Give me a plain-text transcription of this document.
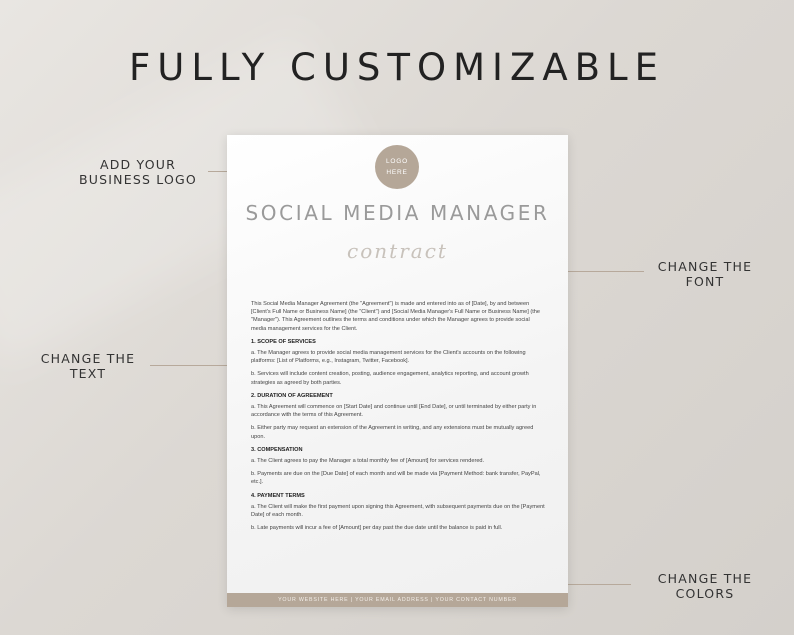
FULLY CUSTOMIZABLE
ADD YOUR
BUSINESS LOGO
CHANGE THE
FONT
CHANGE THE
TEXT
CHANGE THE
COLORS
LOGO
HERE
SOCIAL MEDIA MANAGER
contract

This Social Media Manager Agreement (the "Agreement") is made and entered into as of [Date], by and between [Client's Full Name or Business Name] (the "Client") and [Social Media Manager's Full Name or Business Name] (the "Manager"). This Agreement outlines the terms and conditions under which the Manager agrees to provide social media management services for the Client.

1. SCOPE OF SERVICES

a. The Manager agrees to provide social media management services for the Client's accounts on the following platforms: [List of Platforms, e.g., Instagram, Twitter, Facebook].

b. Services will include content creation, posting, audience engagement, analytics reporting, and account growth strategies as agreed by both parties.

2. DURATION OF AGREEMENT

a. This Agreement will commence on [Start Date] and continue until [End Date], or until terminated by either party in accordance with the terms of this Agreement.

b. Either party may request an extension of the Agreement in writing, and any extensions must be mutually agreed upon.

3. COMPENSATION

a. The Client agrees to pay the Manager a total monthly fee of [Amount] for services rendered.

b. Payments are due on the [Due Date] of each month and will be made via [Payment Method: bank transfer, PayPal, etc.].

4. PAYMENT TERMS

a. The Client will make the first payment upon signing this Agreement, with subsequent payments due on the [Payment Date] of each month.

b. Late payments will incur a fee of [Amount] per day past the due date until the balance is paid in full.

YOUR WEBSITE HERE | YOUR EMAIL ADDRESS | YOUR CONTACT NUMBER
